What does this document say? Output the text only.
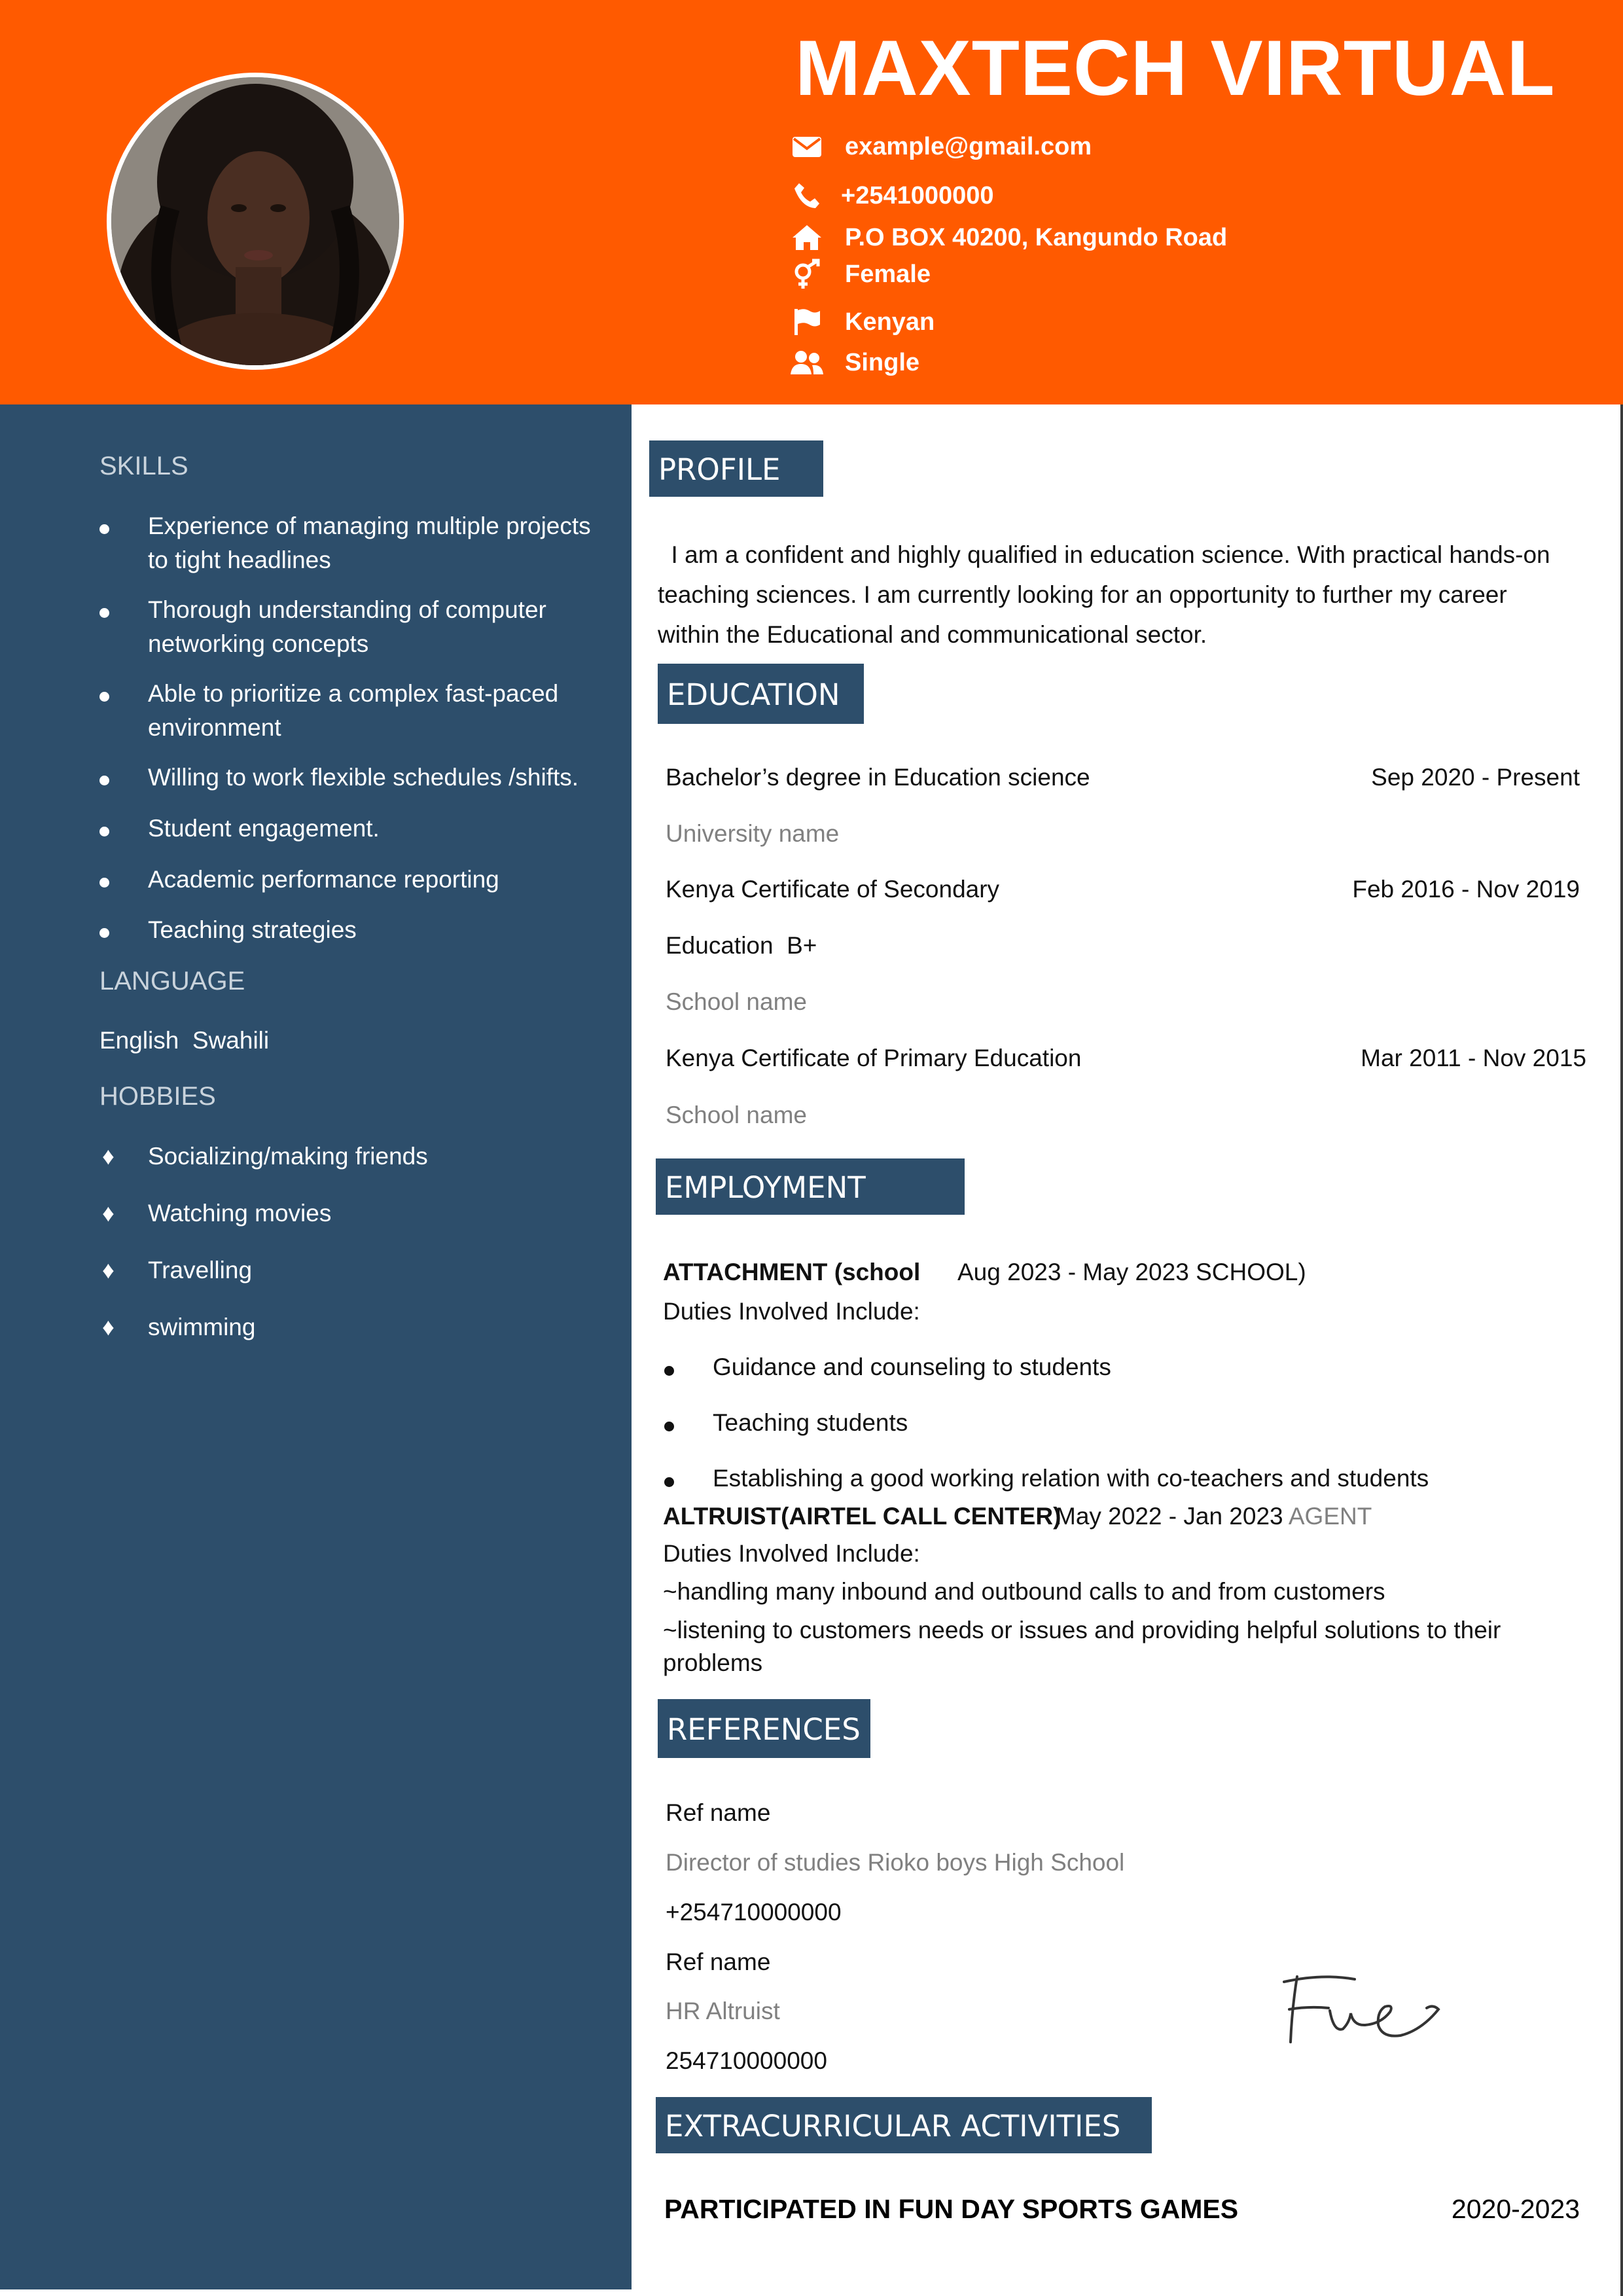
MAXTECH VIRTUAL
example@gmail.com
+2541000000
P.O BOX 40200, Kangundo Road
Female
Kenyan
Single
SKILLS
Experience of managing multiple projects to tight headlines
Thorough understanding of computer networking concepts
Able to prioritize a complex fast-paced environment
Willing to work flexible schedules /shifts.
Student engagement.
Academic performance reporting
Teaching strategies
LANGUAGE
English  Swahili
HOBBIES
♦	Socializing/making friends
♦	Watching movies
♦	Travelling
♦	swimming
PROFILE
I am a confident and highly qualified in education science. With practical hands-on
teaching sciences. I am currently looking for an opportunity to further my career
within the Educational and communicational sector.
EDUCATION
Bachelor’s degree in Education science	Sep 2020 - Present
University name
Kenya Certificate of Secondary	Feb 2016 - Nov 2019
Education  B+
School name
Kenya Certificate of Primary Education	Mar 2011 - Nov 2015
School name
EMPLOYMENT
ATTACHMENT (school Aug 2023 - May 2023 SCHOOL)
Duties Involved Include:
Guidance and counseling to students
Teaching students
Establishing a good working relation with co-teachers and students
ALTRUIST(AIRTEL CALL CENTER)
May 2022 - Jan 2023 AGENT
Duties Involved Include:
~handling many inbound and outbound calls to and from customers
~listening to customers needs or issues and providing helpful solutions to their
problems
REFERENCES
Ref name
Director of studies Rioko boys High School
+254710000000
Ref name
HR Altruist
254710000000
EXTRACURRICULAR ACTIVITIES
PARTICIPATED IN FUN DAY SPORTS GAMES	2020-2023
